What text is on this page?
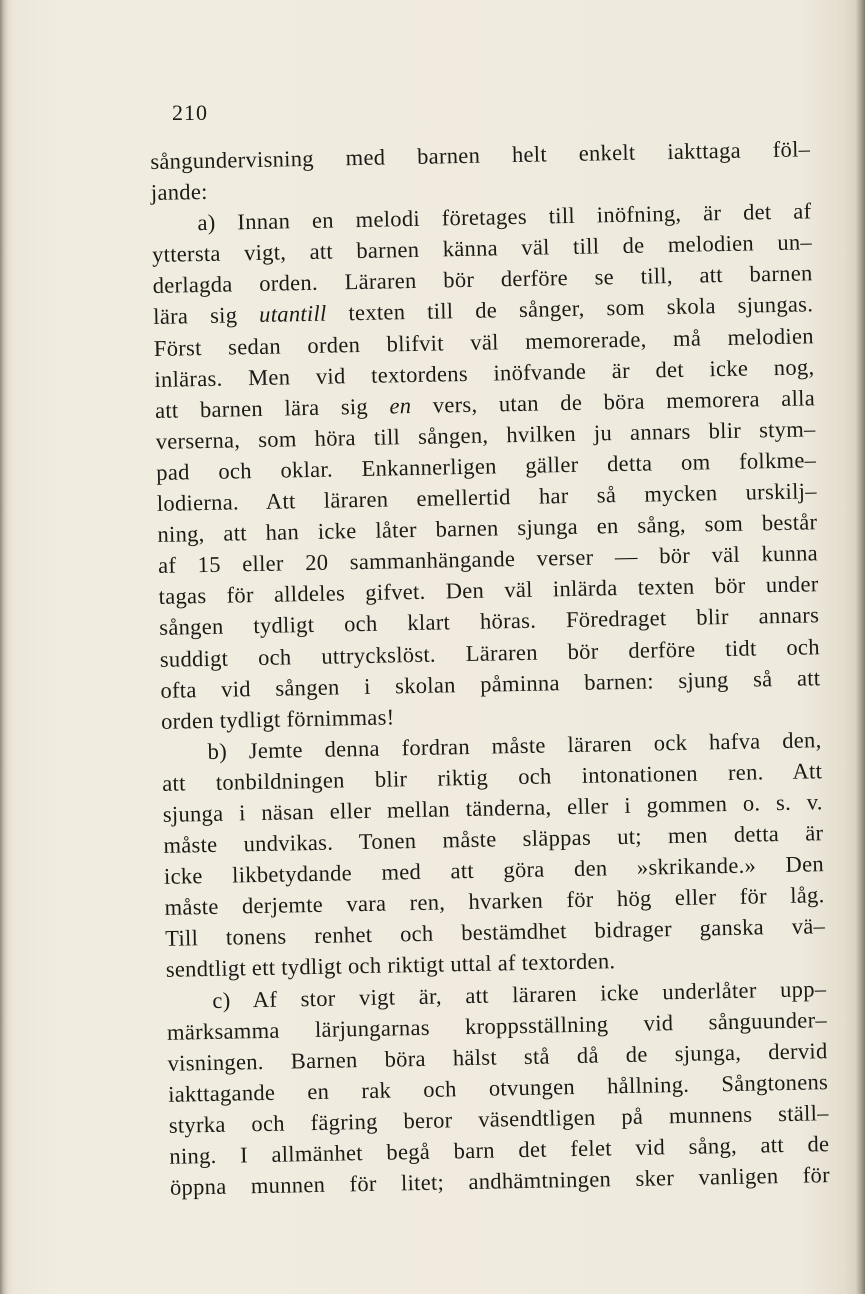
210
sångundervisning med barnen helt enkelt iakttaga föl–
jande:
a) Innan en melodi företages till inöfning, är det af
yttersta vigt, att barnen känna väl till de melodien un–
derlagda orden. Läraren bör derföre se till, att barnen
lära sig utantill texten till de sånger, som skola sjungas.
Först sedan orden blifvit väl memorerade, må melodien
inläras. Men vid textordens inöfvande är det icke nog,
att barnen lära sig en vers, utan de böra memorera alla
verserna, som höra till sången, hvilken ju annars blir stym–
pad och oklar. Enkannerligen gäller detta om folkme–
lodierna. Att läraren emellertid har så mycken urskilj–
ning, att han icke låter barnen sjunga en sång, som består
af 15 eller 20 sammanhängande verser — bör väl kunna
tagas för alldeles gifvet. Den väl inlärda texten bör under
sången tydligt och klart höras. Föredraget blir annars
suddigt och uttryckslöst. Läraren bör derföre tidt och
ofta vid sången i skolan påminna barnen: sjung så att
orden tydligt förnimmas!
b) Jemte denna fordran måste läraren ock hafva den,
att tonbildningen blir riktig och intonationen ren. Att
sjunga i näsan eller mellan tänderna, eller i gommen o. s. v.
måste undvikas. Tonen måste släppas ut; men detta är
icke likbetydande med att göra den »skrikande.» Den
måste derjemte vara ren, hvarken för hög eller för låg.
Till tonens renhet och bestämdhet bidrager ganska vä–
sendtligt ett tydligt och riktigt uttal af textorden.
c) Af stor vigt är, att läraren icke underlåter upp–
märksamma lärjungarnas kroppsställning vid sånguunder–
visningen. Barnen böra hälst stå då de sjunga, dervid
iakttagande en rak och otvungen hållning. Sångtonens
styrka och fägring beror väsendtligen på munnens ställ–
ning. I allmänhet begå barn det felet vid sång, att de
öppna munnen för litet; andhämtningen sker vanligen för
